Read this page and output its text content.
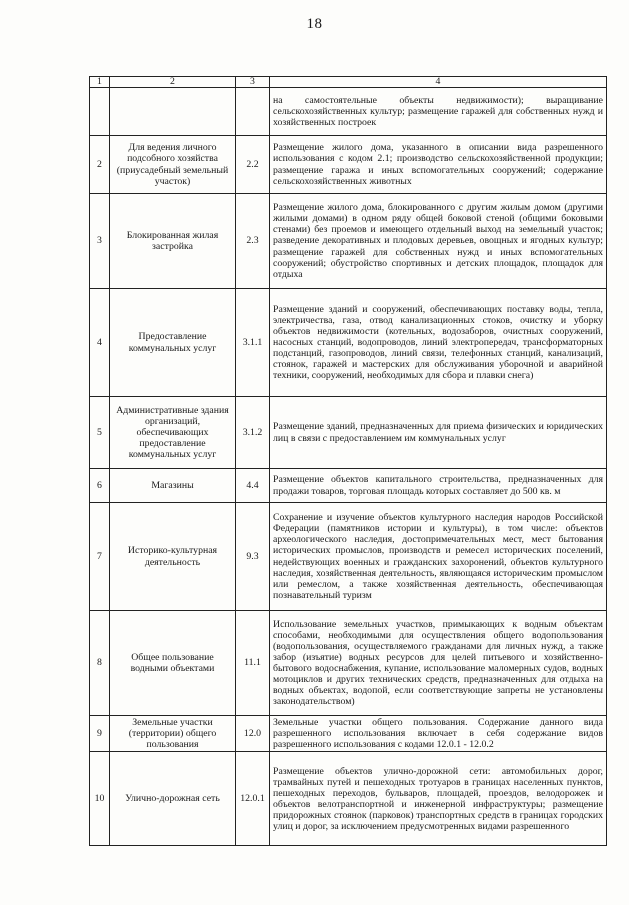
18
1	2	3	4
			на самостоятельные объекты недвижимости); выращивание сельскохозяйственных культур; размещение гаражей для собственных нужд и хозяйственных построек
2	Для ведения личного подсобного хозяйства (приусадебный земельный участок)	2.2	Размещение жилого дома, указанного в описании вида разрешенного использования с кодом 2.1; производство сельскохозяйственной продукции; размещение гаража и иных вспомогательных сооружений; содержание сельскохозяйственных животных
3	Блокированная жилая застройка	2.3	Размещение жилого дома, блокированного с другим жилым домом (другими жилыми домами) в одном ряду общей боковой стеной (общими боковыми стенами) без проемов и имеющего отдельный выход на земельный участок; разведение декоративных и плодовых деревьев, овощных и ягодных культур; размещение гаражей для собственных нужд и иных вспомогательных сооружений; обустройство спортивных и детских площадок, площадок для отдыха
4	Предоставление коммунальных услуг	3.1.1	Размещение зданий и сооружений, обеспечивающих поставку воды, тепла, электричества, газа, отвод канализационных стоков, очистку и уборку объектов недвижимости (котельных, водозаборов, очистных сооружений, насосных станций, водопроводов, линий электропередач, трансформаторных подстанций, газопроводов, линий связи, телефонных станций, канализаций, стоянок, гаражей и мастерских для обслуживания уборочной и аварийной техники, сооружений, необходимых для сбора и плавки снега)
5	Административные здания организаций, обеспечивающих предоставление коммунальных услуг	3.1.2	Размещение зданий, предназначенных для приема физических и юридических лиц в связи с предоставлением им коммунальных услуг
6	Магазины	4.4	Размещение объектов капитального строительства, предназначенных для продажи товаров, торговая площадь которых составляет до 500 кв. м
7	Историко-культурная деятельность	9.3	Сохранение и изучение объектов культурного наследия народов Российской Федерации (памятников истории и культуры), в том числе: объектов археологического наследия, достопримечательных мест, мест бытования исторических промыслов, производств и ремесел исторических поселений, недействующих военных и гражданских захоронений, объектов культурного наследия, хозяйственная деятельность, являющаяся историческим промыслом или ремеслом, а также хозяйственная деятельность, обеспечивающая познавательный туризм
8	Общее пользование водными объектами	11.1	Использование земельных участков, примыкающих к водным объектам способами, необходимыми для осуществления общего водопользования (водопользования, осуществляемого гражданами для личных нужд, а также забор (изъятие) водных ресурсов для целей питьевого и хозяйственно-бытового водоснабжения, купание, использование маломерных судов, водных мотоциклов и других технических средств, предназначенных для отдыха на водных объектах, водопой, если соответствующие запреты не установлены законодательством)
9	Земельные участки (территории) общего пользования	12.0	Земельные участки общего пользования. Содержание данного вида разрешенного использования включает в себя содержание видов разрешенного использования с кодами 12.0.1 - 12.0.2
10	Улично-дорожная сеть	12.0.1	Размещение объектов улично-дорожной сети: автомобильных дорог, трамвайных путей и пешеходных тротуаров в границах населенных пунктов, пешеходных переходов, бульваров, площадей, проездов, велодорожек и объектов велотранспортной и инженерной инфраструктуры; размещение придорожных стоянок (парковок) транспортных средств в границах городских улиц и дорог, за исключением предусмотренных видами разрешенного
